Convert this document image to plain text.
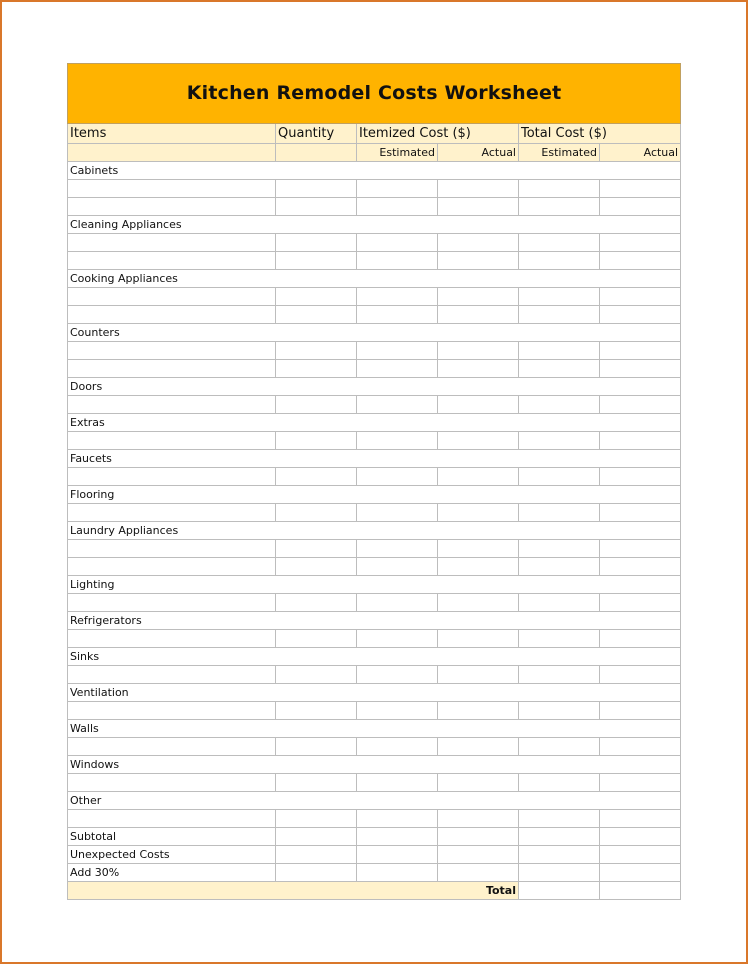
Kitchen Remodel Costs Worksheet					
Items	Quantity	Itemized Cost ($)		Total Cost ($)	
		Estimated	Actual	Estimated	Actual
Cabinets					

Cleaning Appliances					

Cooking Appliances					

Counters					

Doors					

Extras					

Faucets					

Flooring					

Laundry Appliances					

Lighting					

Refrigerators					

Sinks					

Ventilation					

Walls					

Windows					

Other					

Subtotal					
Unexpected Costs					
Add 30%					
Total					
